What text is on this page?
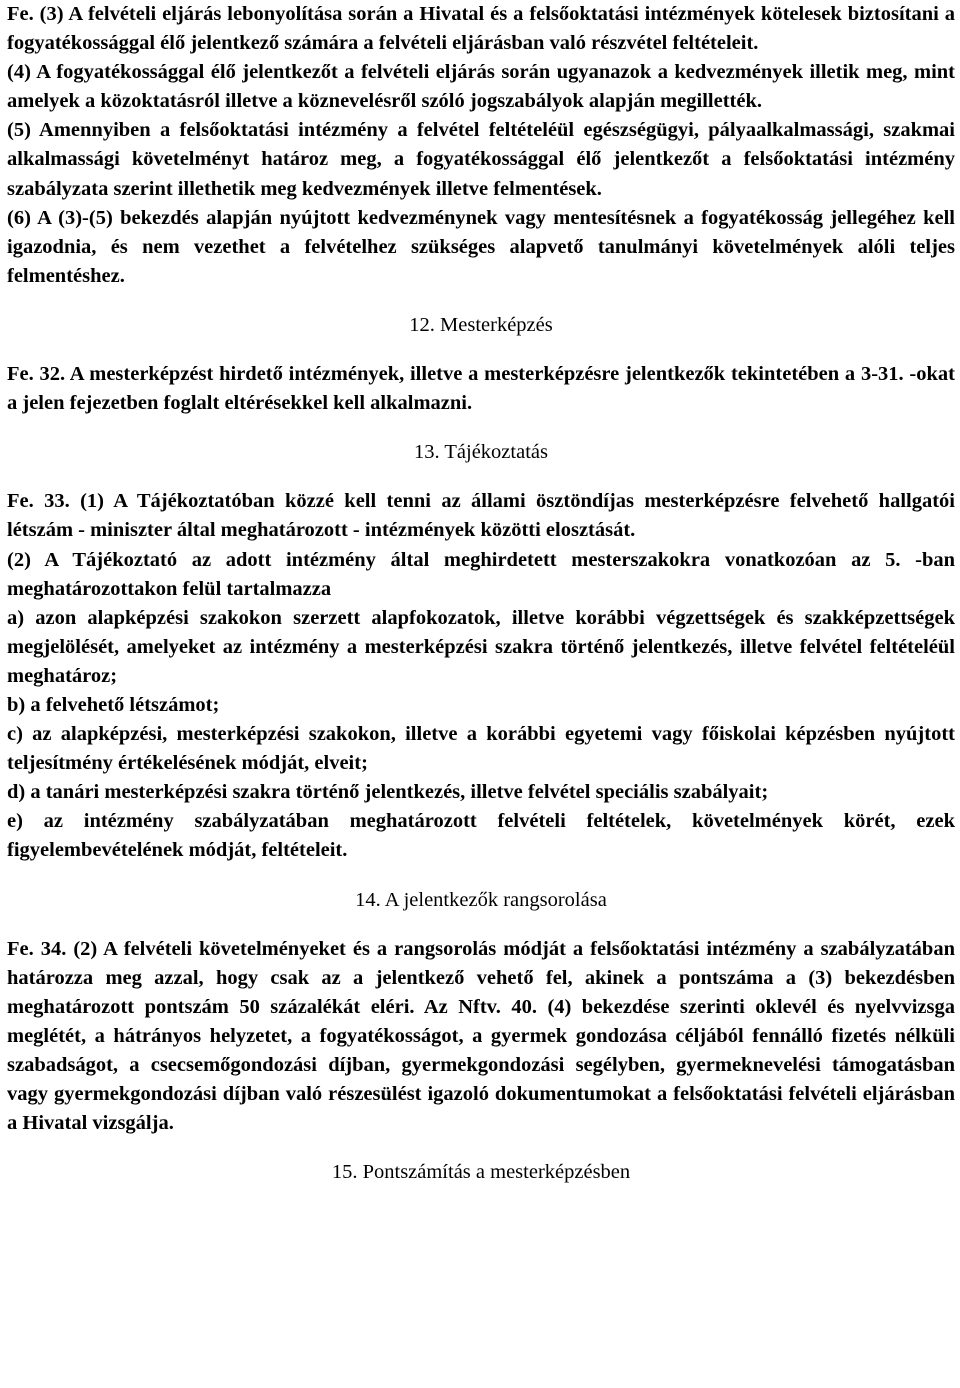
Fe. (3) A felvételi eljárás lebonyolítása során a Hivatal és a felsőoktatási intézmények kötelesek biztosítani a fogyatékossággal élő jelentkező számára a felvételi eljárásban való részvétel feltételeit.

(4) A fogyatékossággal élő jelentkezőt a felvételi eljárás során ugyanazok a kedvezmények illetik meg, mint amelyek a közoktatásról illetve a köznevelésről szóló jogszabályok alapján megillették.

(5) Amennyiben a felsőoktatási intézmény a felvétel feltételéül egészségügyi, pályaalkalmassági, szakmai alkalmassági követelményt határoz meg, a fogyatékossággal élő jelentkezőt a felsőoktatási intézmény szabályzata szerint illethetik meg kedvezmények illetve felmentések.

(6) A (3)-(5) bekezdés alapján nyújtott kedvezménynek vagy mentesítésnek a fogyatékosság jellegéhez kell igazodnia, és nem vezethet a felvételhez szükséges alapvető tanulmányi követelmények alóli teljes felmentéshez.

12. Mesterképzés

Fe. 32. A mesterképzést hirdető intézmények, illetve a mesterképzésre jelentkezők tekintetében a 3-31. -okat a jelen fejezetben foglalt eltérésekkel kell alkalmazni.

13. Tájékoztatás

Fe. 33. (1) A Tájékoztatóban közzé kell tenni az állami ösztöndíjas mesterképzésre felvehető hallgatói létszám - miniszter által meghatározott - intézmények közötti elosztását.

(2) A Tájékoztató az adott intézmény által meghirdetett mesterszakokra vonatkozóan az 5. -ban meghatározottakon felül tartalmazza

a) azon alapképzési szakokon szerzett alapfokozatok, illetve korábbi végzettségek és szakképzettségek megjelölését, amelyeket az intézmény a mesterképzési szakra történő jelentkezés, illetve felvétel feltételéül meghatároz;

b) a felvehető létszámot;

c) az alapképzési, mesterképzési szakokon, illetve a korábbi egyetemi vagy főiskolai képzésben nyújtott teljesítmény értékelésének módját, elveit;

d) a tanári mesterképzési szakra történő jelentkezés, illetve felvétel speciális szabályait;

e) az intézmény szabályzatában meghatározott felvételi feltételek, követelmények körét, ezek figyelembevételének módját, feltételeit.

14. A jelentkezők rangsorolása

Fe. 34. (2) A felvételi követelményeket és a rangsorolás módját a felsőoktatási intézmény a szabályzatában határozza meg azzal, hogy csak az a jelentkező vehető fel, akinek a pontszáma a (3) bekezdésben meghatározott pontszám 50 százalékát eléri. Az Nftv. 40. (4) bekezdése szerinti oklevél és nyelvvizsga meglétét, a hátrányos helyzetet, a fogyatékosságot, a gyermek gondozása céljából fennálló fizetés nélküli szabadságot, a csecsemőgondozási díjban, gyermekgondozási segélyben, gyermeknevelési támogatásban vagy gyermekgondozási díjban való részesülést igazoló dokumentumokat a felsőoktatási felvételi eljárásban a Hivatal vizsgálja.

15. Pontszámítás a mesterképzésben
